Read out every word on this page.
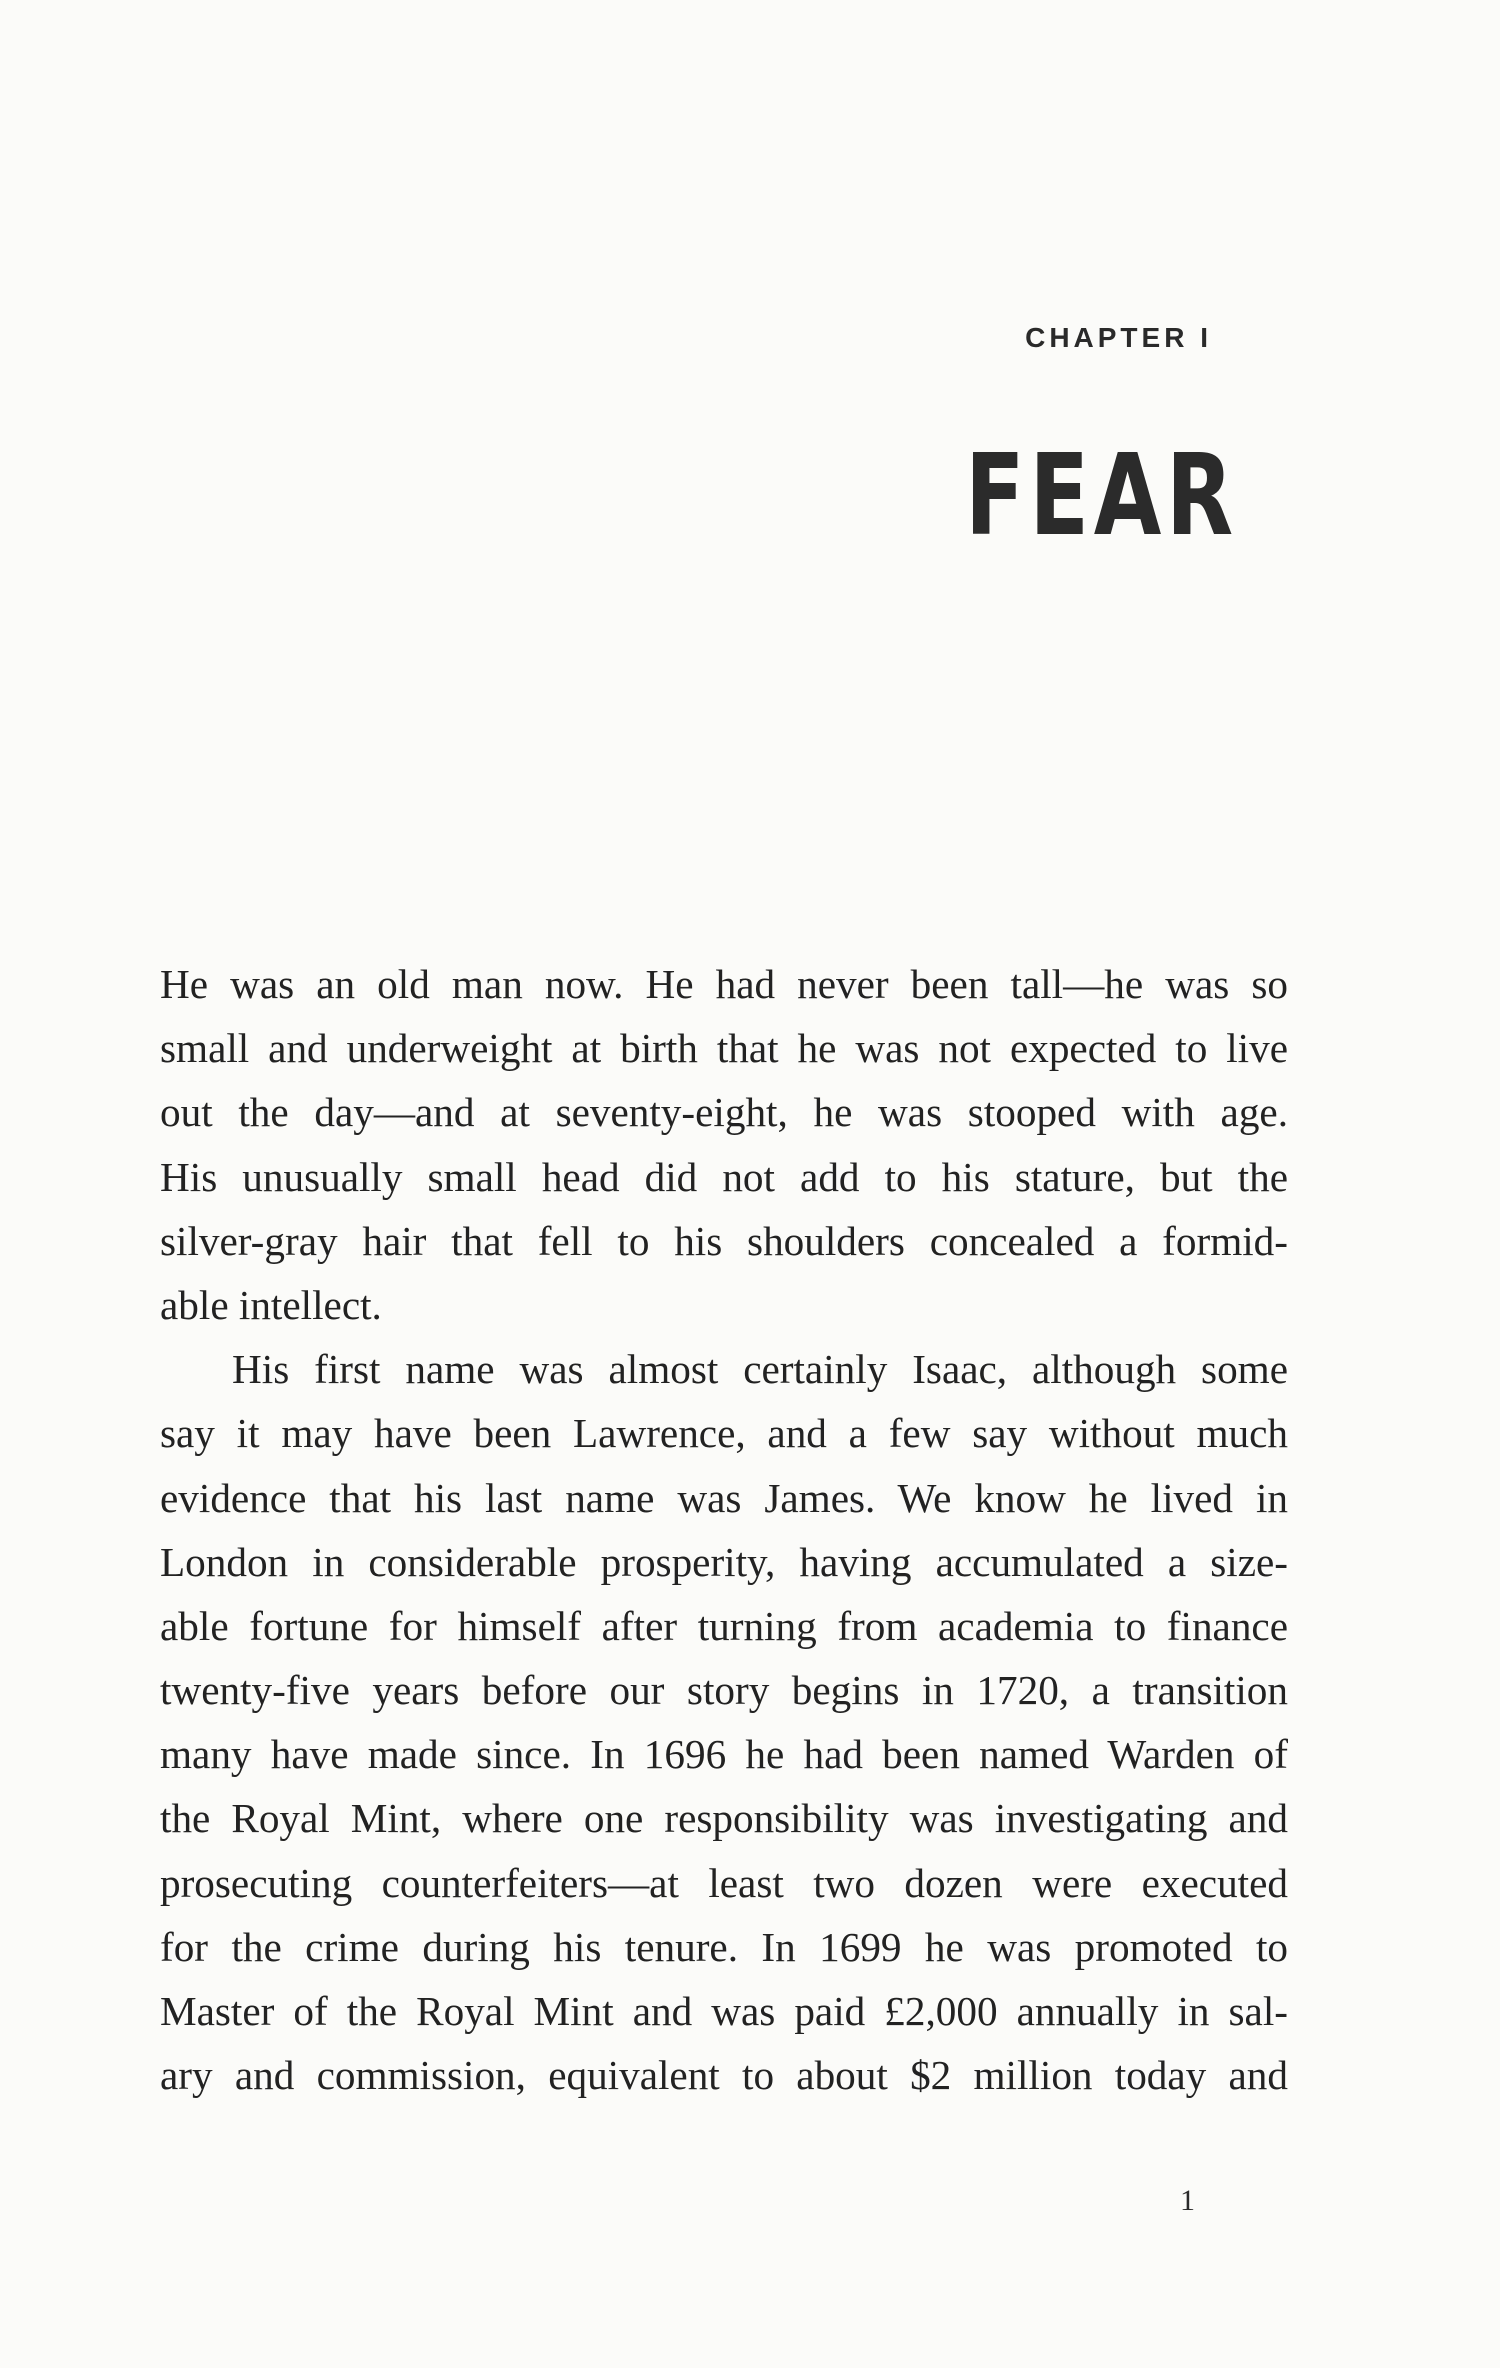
CHAPTER I
FEAR
He was an old man now. He had never been tall—he was so
small and underweight at birth that he was not expected to live
out the day—and at seventy-eight, he was stooped with age.
His unusually small head did not add to his stature, but the
silver-gray hair that fell to his shoulders concealed a formid-
able intellect.
His first name was almost certainly Isaac, although some
say it may have been Lawrence, and a few say without much
evidence that his last name was James. We know he lived in
London in considerable prosperity, having accumulated a size-
able fortune for himself after turning from academia to finance
twenty-five years before our story begins in 1720, a transition
many have made since. In 1696 he had been named Warden of
the Royal Mint, where one responsibility was investigating and
prosecuting counterfeiters—at least two dozen were executed
for the crime during his tenure. In 1699 he was promoted to
Master of the Royal Mint and was paid £2,000 annually in sal-
ary and commission, equivalent to about $2 million today and
1
